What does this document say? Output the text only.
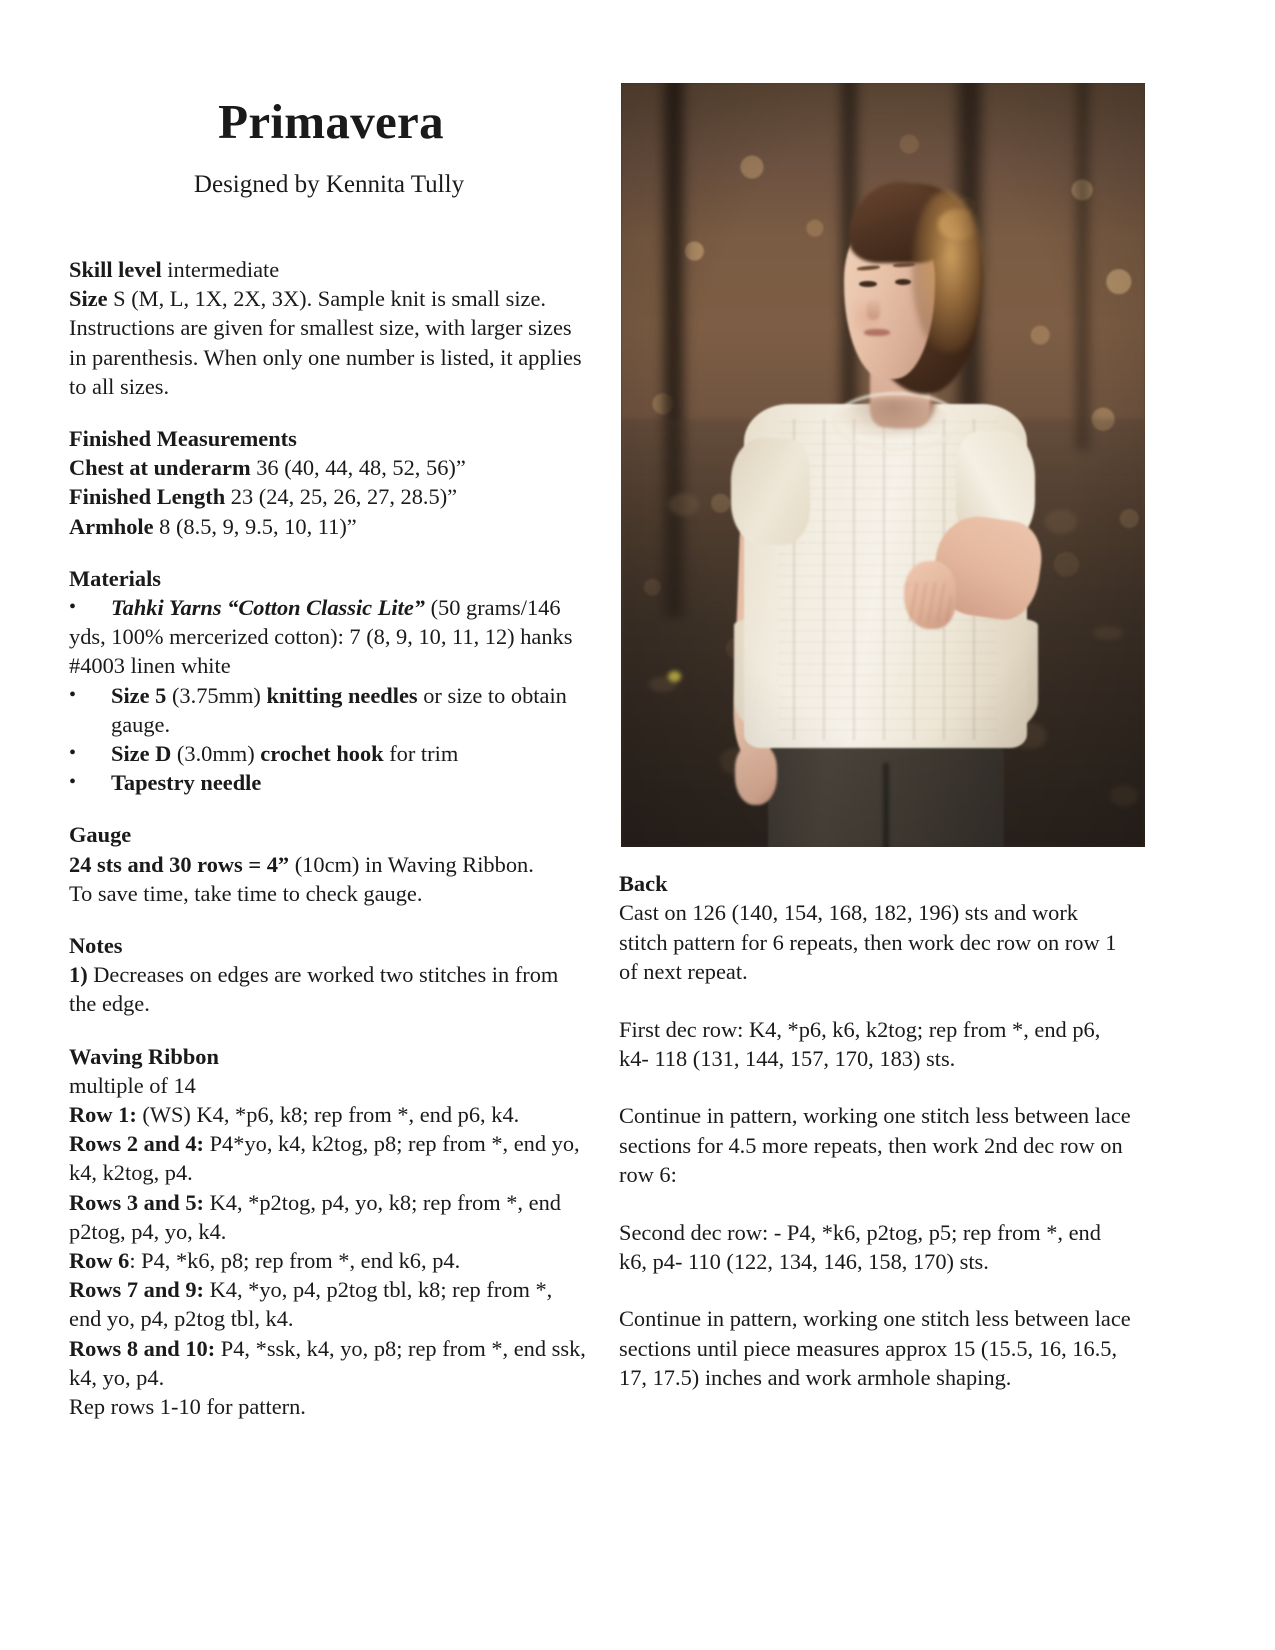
Primavera
Designed by Kennita Tully

Skill level intermediate

Size S (M, L, 1X, 2X, 3X). Sample knit is small size. Instructions are given for smallest size, with larger sizes in parenthesis. When only one number is listed, it applies to all sizes.

Finished Measurements

Chest at underarm 36 (40, 44, 48, 52, 56)”

Finished Length 23 (24, 25, 26, 27, 28.5)”

Armhole 8 (8.5, 9, 9.5, 10, 11)”

Materials

•Tahki Yarns “Cotton Classic Lite” (50 grams/146 yds, 100% mercerized cotton): 7 (8, 9, 10, 11, 12) hanks #4003 linen white
•
Size 5 (3.75mm) knitting needles or size to obtain gauge.
•
Size D (3.0mm) crochet hook for trim
•
Tapestry needle

Gauge

24 sts and 30 rows = 4” (10cm) in Waving Ribbon.

To save time, take time to check gauge.

Notes

1) Decreases on edges are worked two stitches in from the edge.

Waving Ribbon

multiple of 14

Row 1: (WS) K4, *p6, k8; rep from *, end p6, k4.

Rows 2 and 4: P4*yo, k4, k2tog, p8; rep from *, end yo, k4, k2tog, p4.

Rows 3 and 5: K4, *p2tog, p4, yo, k8; rep from *, end p2tog, p4, yo, k4.

Row 6: P4, *k6, p8; rep from *, end k6, p4.

Rows 7 and 9: K4, *yo, p4, p2tog tbl, k8; rep from *, end yo, p4, p2tog tbl, k4.

Rows 8 and 10: P4, *ssk, k4, yo, p8; rep from *, end ssk, k4, yo, p4.

Rep rows 1-10 for pattern.

Back
Cast on 126 (140, 154, 168, 182, 196) sts and work stitch pattern for 6 repeats, then work dec row on row 1 of next repeat.

First dec row: K4, *p6, k6, k2tog; rep from *, end p6, k4- 118 (131, 144, 157, 170, 183) sts.

Continue in pattern, working one stitch less between lace sections for 4.5 more repeats, then work 2nd dec row on row 6:

Second dec row: - P4, *k6, p2tog, p5; rep from *, end k6, p4- 110 (122, 134, 146, 158, 170) sts.

Continue in pattern, working one stitch less between lace sections until piece measures approx 15 (15.5, 16, 16.5, 17, 17.5) inches and work armhole shaping.
